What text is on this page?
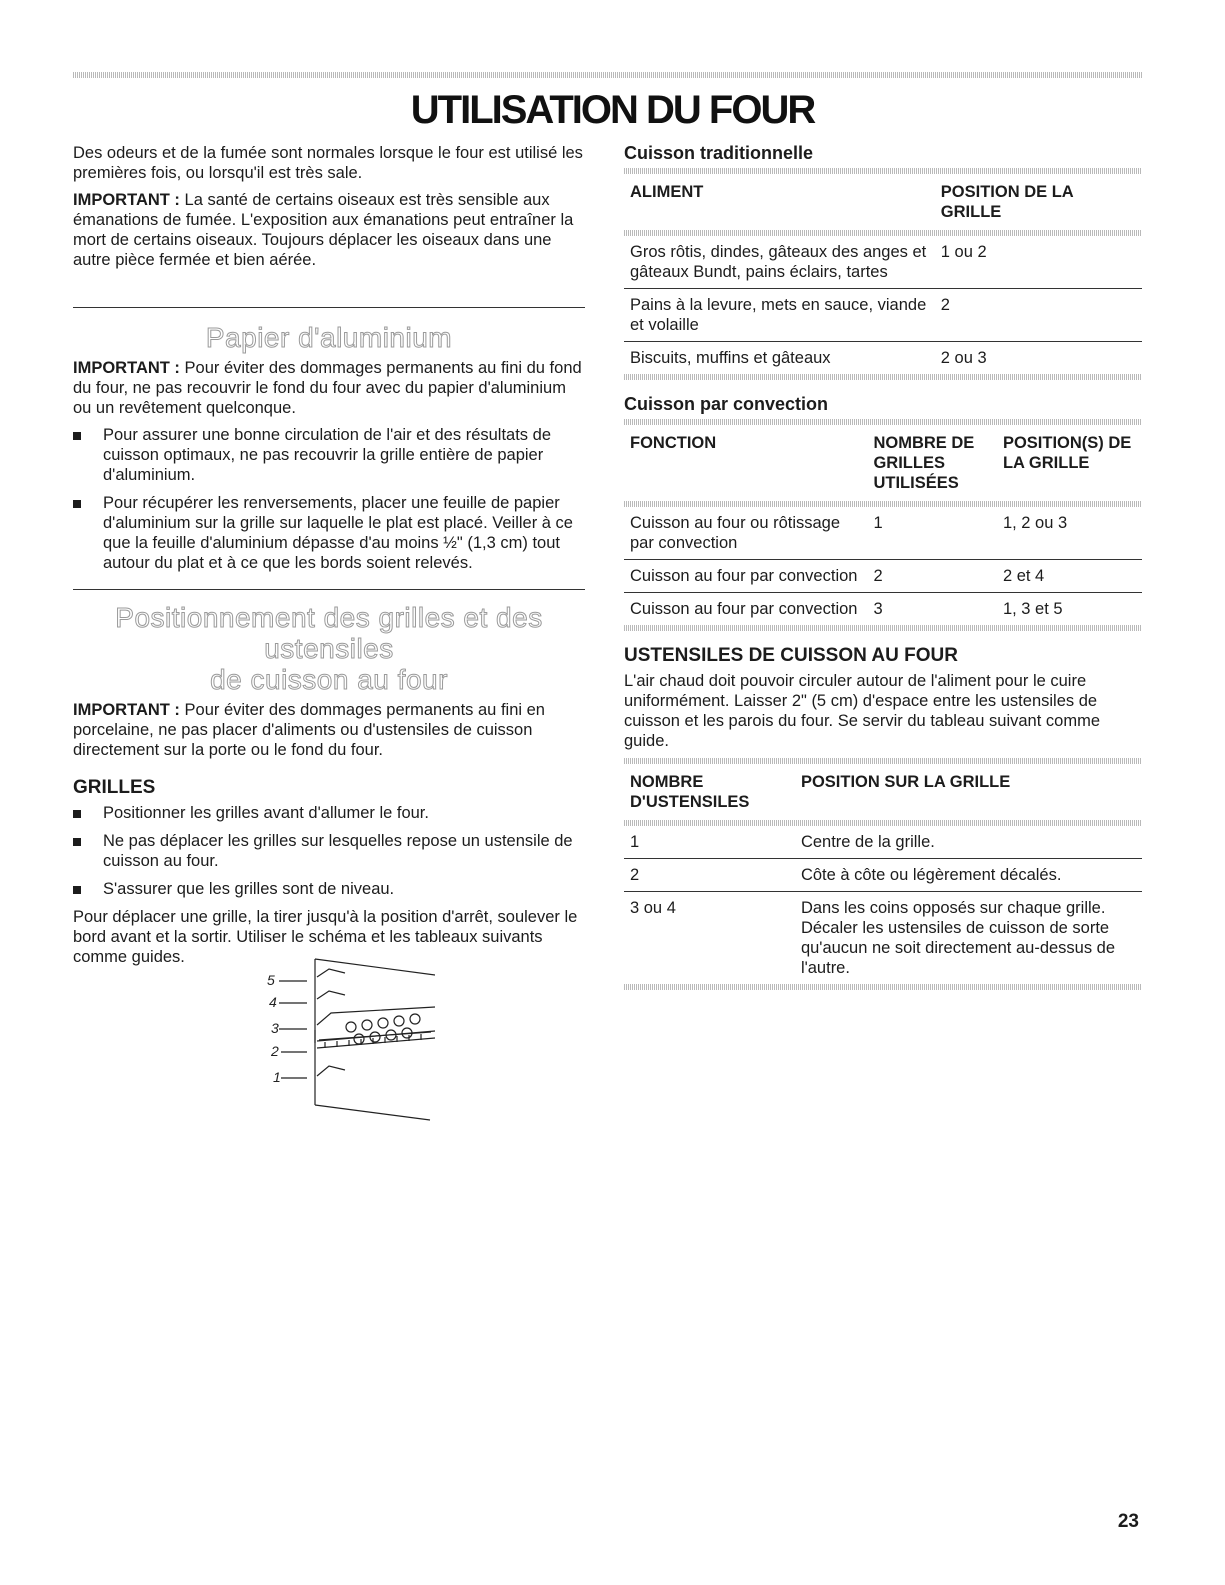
UTILISATION DU FOUR

Des odeurs et de la fumée sont normales lorsque le four est utilisé les premières fois, ou lorsqu'il est très sale.

IMPORTANT : La santé de certains oiseaux est très sensible aux émanations de fumée. L'exposition aux émanations peut entraîner la mort de certains oiseaux. Toujours déplacer les oiseaux dans une autre pièce fermée et bien aérée.

Papier d'aluminium

IMPORTANT : Pour éviter des dommages permanents au fini du fond du four, ne pas recouvrir le fond du four avec du papier d'aluminium ou un revêtement quelconque.

Pour assurer une bonne circulation de l'air et des résultats de cuisson optimaux, ne pas recouvrir la grille entière de papier d'aluminium.
Pour récupérer les renversements, placer une feuille de papier d'aluminium sur la grille sur laquelle le plat est placé. Veiller à ce que la feuille d'aluminium dépasse d'au moins ½" (1,3 cm) tout autour du plat et à ce que les bords soient relevés.
Positionnement des grilles et des ustensiles
de cuisson au four

IMPORTANT : Pour éviter des dommages permanents au fini en porcelaine, ne pas placer d'aliments ou d'ustensiles de cuisson directement sur la porte ou le fond du four.

GRILLES
Positionner les grilles avant d'allumer le four.
Ne pas déplacer les grilles sur lesquelles repose un ustensile de cuisson au four.
S'assurer que les grilles sont de niveau.

Pour déplacer une grille, la tirer jusqu'à la position d'arrêt, soulever le bord avant et la sortir. Utiliser le schéma et les tableaux suivants comme guides.

5
4
3
2
1
Cuisson traditionnelle
ALIMENT	POSITION DE LA GRILLE
Gros rôtis, dindes, gâteaux des anges et gâteaux Bundt, pains éclairs, tartes	1 ou 2
Pains à la levure, mets en sauce, viande et volaille	2
Biscuits, muffins et gâteaux	2 ou 3
Cuisson par convection
FONCTION	NOMBRE DE GRILLES UTILISÉES	POSITION(S) DE LA GRILLE
Cuisson au four ou rôtissage par convection	1	1, 2 ou 3
Cuisson au four par convection	2	2 et 4
Cuisson au four par convection	3	1, 3 et 5
USTENSILES DE CUISSON AU FOUR

L'air chaud doit pouvoir circuler autour de l'aliment pour le cuire uniformément. Laisser 2" (5 cm) d'espace entre les ustensiles de cuisson et les parois du four. Se servir du tableau suivant comme guide.

NOMBRE D'USTENSILES	POSITION SUR LA GRILLE
1	Centre de la grille.
2	Côte à côte ou légèrement décalés.
3 ou 4	Dans les coins opposés sur chaque grille. Décaler les ustensiles de cuisson de sorte qu'aucun ne soit directement au-dessus de l'autre.
23
